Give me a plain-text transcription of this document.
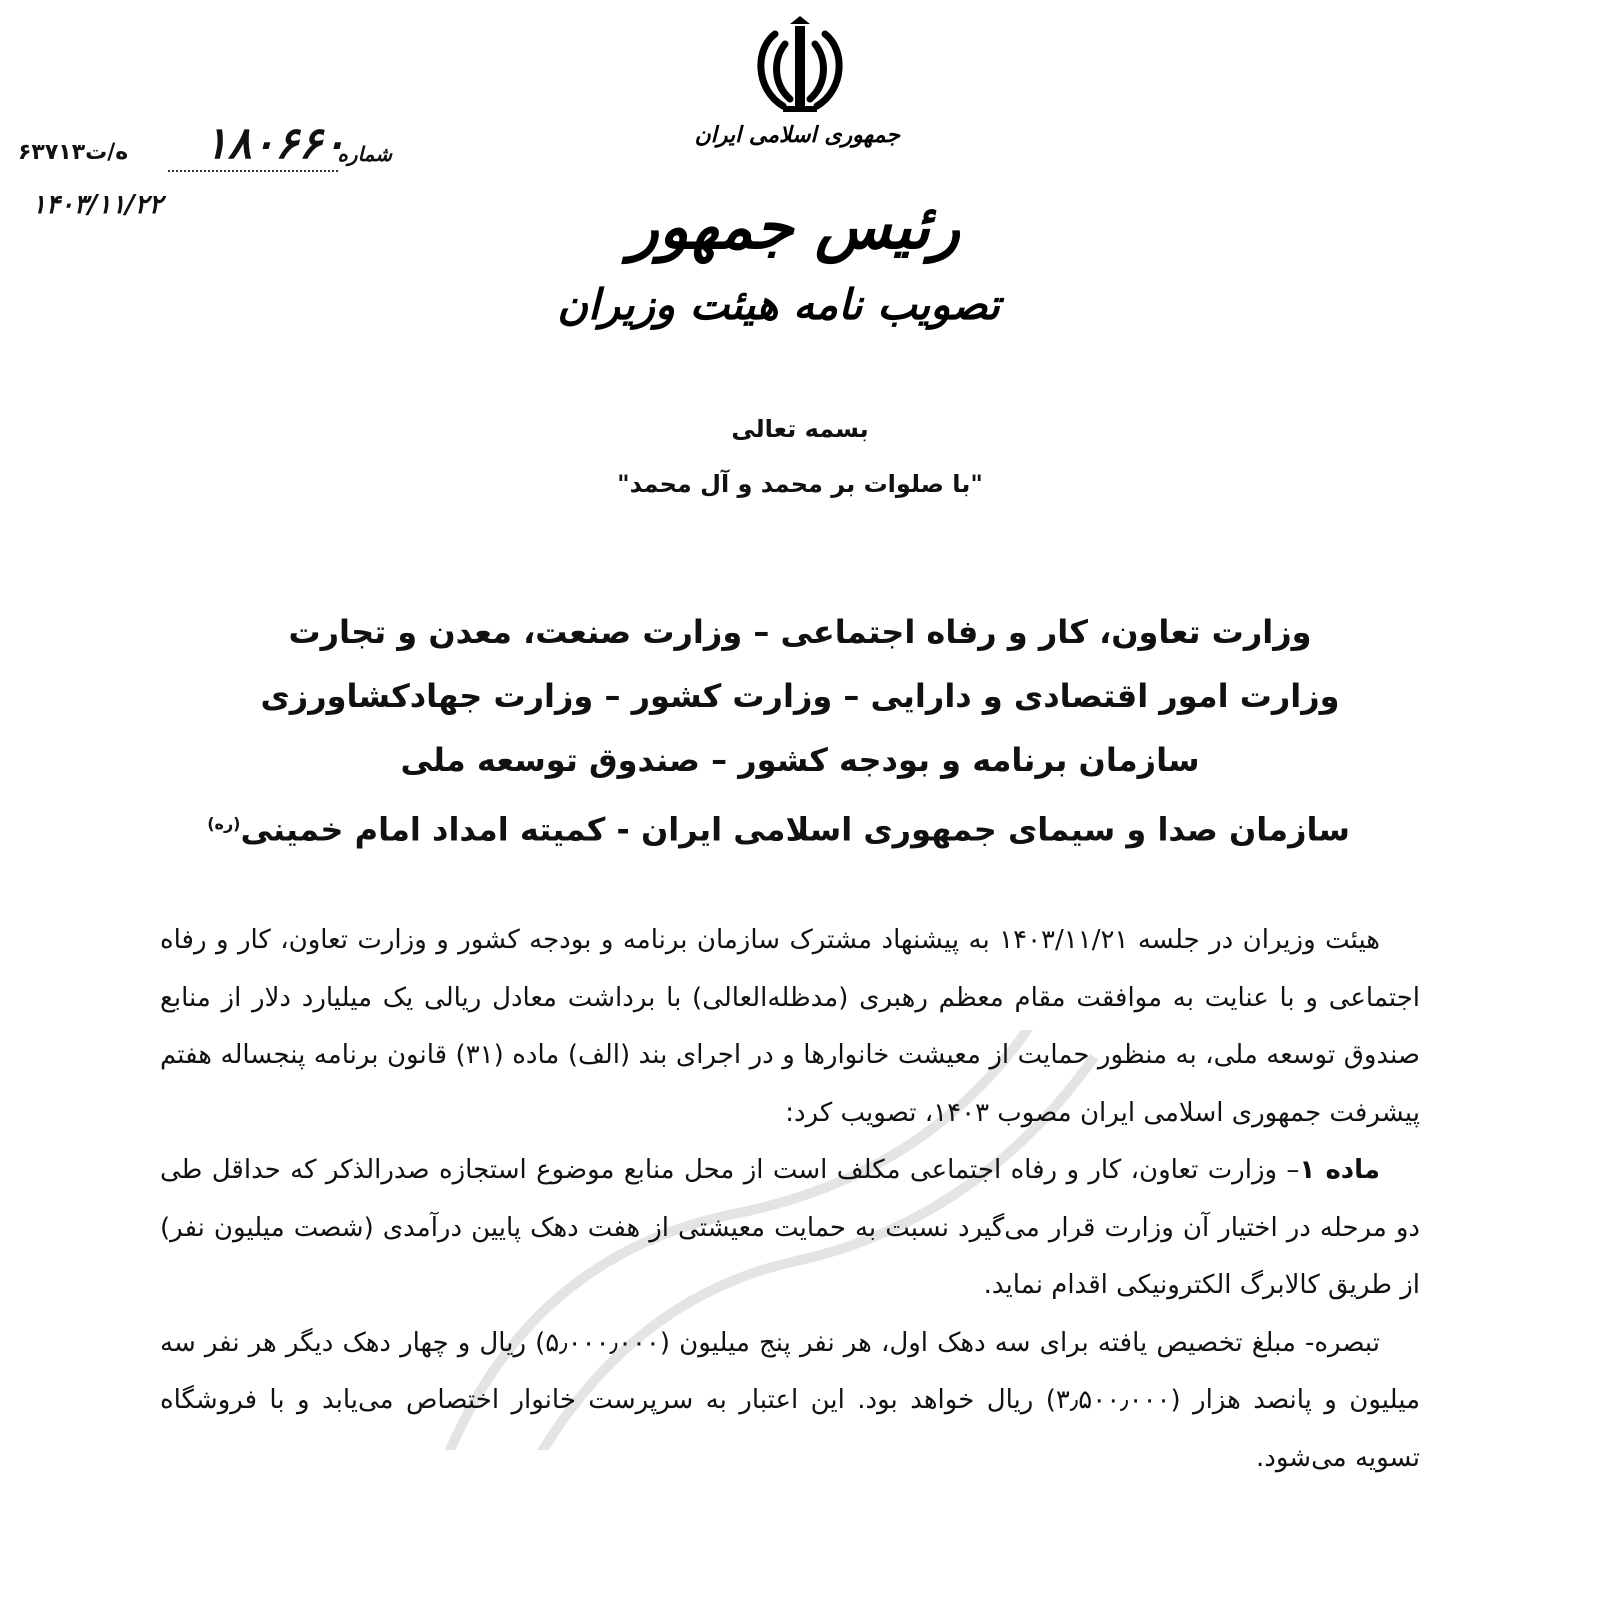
جمهوری اسلامی ایران
رئیس جمهور
تصویب نامه هیئت وزیران
شماره
۱۸۰۶۶۰
۶۳۷۱۳ه/ت
۱۴۰۳/۱۱/۲۲
بسمه تعالی
"با صلوات بر محمد و آل محمد"
وزارت تعاون، کار و رفاه اجتماعی – وزارت صنعت، معدن و تجارت
وزارت امور اقتصادی و دارایی – وزارت کشور – وزارت جهادکشاورزی
سازمان برنامه و بودجه کشور – صندوق توسعه ملی
سازمان صدا و سیمای جمهوری اسلامی ایران - کمیته امداد امام خمینی$^{(ره)}$

هیئت وزیران در جلسه ۱۴۰۳/۱۱/۲۱ به پیشنهاد مشترک سازمان برنامه و بودجه کشور و وزارت تعاون، کار و رفاه اجتماعی و با عنایت به موافقت مقام معظم رهبری (مدظله‌العالی) با برداشت معادل ریالی یک میلیارد دلار از منابع صندوق توسعه ملی، به منظور حمایت از معیشت خانوارها و در اجرای بند (الف) ماده (۳۱) قانون برنامه پنجساله هفتم پیشرفت جمهوری اسلامی ایران مصوب ۱۴۰۳، تصویب کرد:

ماده ۱– وزارت تعاون، کار و رفاه اجتماعی مکلف است از محل منابع موضوع استجازه صدرالذکر که حداقل طی دو مرحله در اختیار آن وزارت قرار می‌گیرد نسبت به حمایت معیشتی از هفت دهک پایین درآمدی (شصت میلیون نفر) از طریق کالابرگ الکترونیکی اقدام نماید.

تبصره- مبلغ تخصیص یافته برای سه دهک اول، هر نفر پنج میلیون (۵٫۰۰۰٫۰۰۰) ریال و چهار دهک دیگر هر نفر سه میلیون و پانصد هزار (۳٫۵۰۰٫۰۰۰) ریال خواهد بود. این اعتبار به سرپرست خانوار اختصاص می‌یابد و با فروشگاه تسویه می‌شود.
